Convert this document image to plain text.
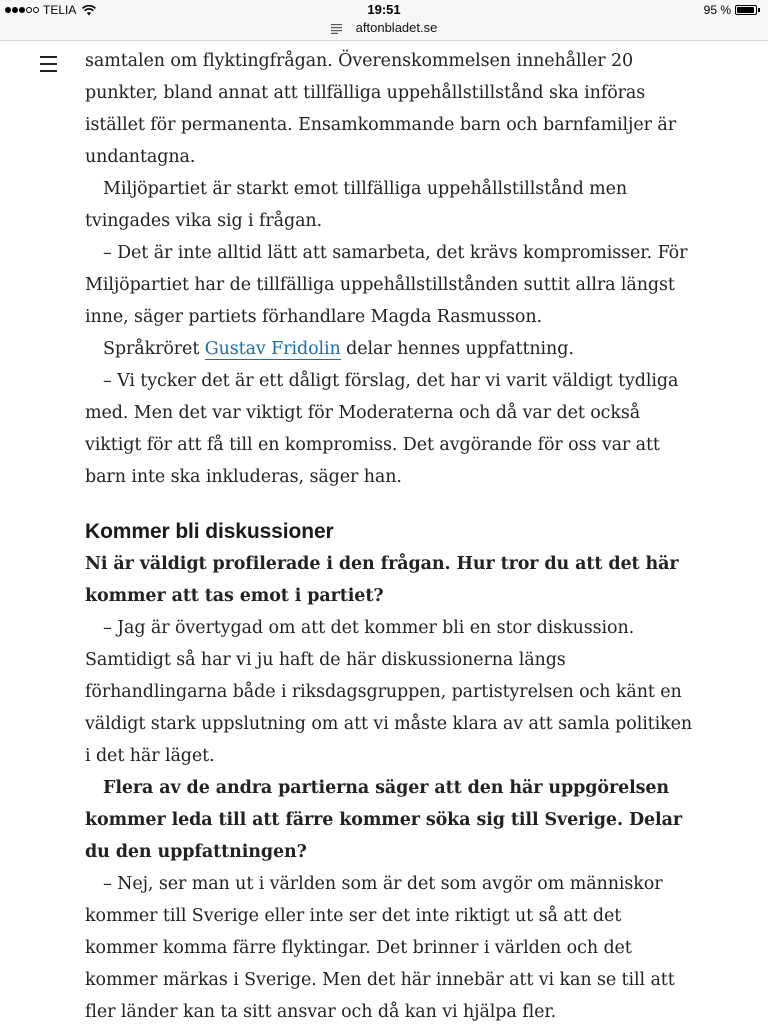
TELIA	19:51	95 %
aftonbladet.se

samtalen om flyktingfrågan. Överenskommelsen innehåller 20 punkter, bland annat att tillfälliga uppehållstillstånd ska införas istället för permanenta. Ensamkommande barn och barnfamiljer är undantagna.

Miljöpartiet är starkt emot tillfälliga uppehållstillstånd men tvingades vika sig i frågan.

– Det är inte alltid lätt att samarbeta, det krävs kompromisser. För Miljöpartiet har de tillfälliga uppehållstillstånden suttit allra längst inne, säger partiets förhandlare Magda Rasmusson.

Språkröret Gustav Fridolin delar hennes uppfattning.

– Vi tycker det är ett dåligt förslag, det har vi varit väldigt tydliga med. Men det var viktigt för Moderaterna och då var det också viktigt för att få till en kompromiss. Det avgörande för oss var att barn inte ska inkluderas, säger han.

Kommer bli diskussioner

Ni är väldigt profilerade i den frågan. Hur tror du att det här kommer att tas emot i partiet?

– Jag är övertygad om att det kommer bli en stor diskussion. Samtidigt så har vi ju haft de här diskussionerna längs förhandlingarna både i riksdagsgruppen, partistyrelsen och känt en väldigt stark uppslutning om att vi måste klara av att samla politiken i det här läget.

Flera av de andra partierna säger att den här uppgörelsen kommer leda till att färre kommer söka sig till Sverige. Delar du den uppfattningen?

– Nej, ser man ut i världen som är det som avgör om människor kommer till Sverige eller inte ser det inte riktigt ut så att det kommer komma färre flyktingar. Det brinner i världen och det kommer märkas i Sverige. Men det här innebär att vi kan se till att fler länder kan ta sitt ansvar och då kan vi hjälpa fler.
